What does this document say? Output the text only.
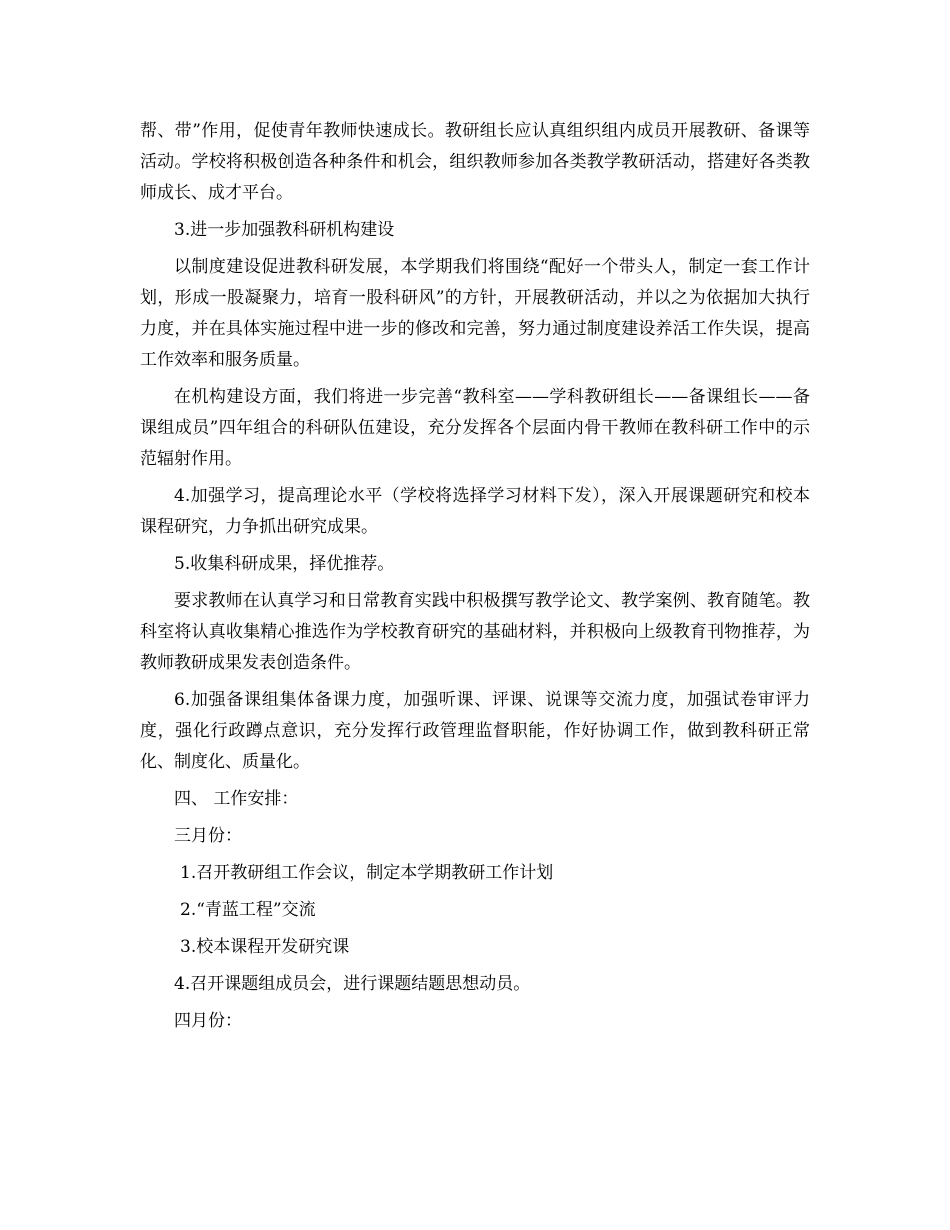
帮、带”作用，促使青年教师快速成长。教研组长应认真组织组内成员开展教研、备课等活动。学校将积极创造各种条件和机会，组织教师参加各类教学教研活动，搭建好各类教师成长、成才平台。

3.进一步加强教科研机构建设

以制度建设促进教科研发展，本学期我们将围绕“配好一个带头人，制定一套工作计划，形成一股凝聚力，培育一股科研风”的方针，开展教研活动，并以之为依据加大执行力度，并在具体实施过程中进一步的修改和完善，努力通过制度建设养活工作失误，提高工作效率和服务质量。

在机构建设方面，我们将进一步完善“教科室——学科教研组长——备课组长——备课组成员”四年组合的科研队伍建设，充分发挥各个层面内骨干教师在教科研工作中的示范辐射作用。

4.加强学习，提高理论水平（学校将选择学习材料下发），深入开展课题研究和校本课程研究，力争抓出研究成果。

5.收集科研成果，择优推荐。

要求教师在认真学习和日常教育实践中积极撰写教学论文、教学案例、教育随笔。教科室将认真收集精心推选作为学校教育研究的基础材料，并积极向上级教育刊物推荐，为教师教研成果发表创造条件。

6.加强备课组集体备课力度，加强听课、评课、说课等交流力度，加强试卷审评力度，强化行政蹲点意识，充分发挥行政管理监督职能，作好协调工作，做到教科研正常化、制度化、质量化。

四、 工作安排：

三月份：

1.召开教研组工作会议，制定本学期教研工作计划

2.“青蓝工程”交流

3.校本课程开发研究课

4.召开课题组成员会，进行课题结题思想动员。

四月份：
